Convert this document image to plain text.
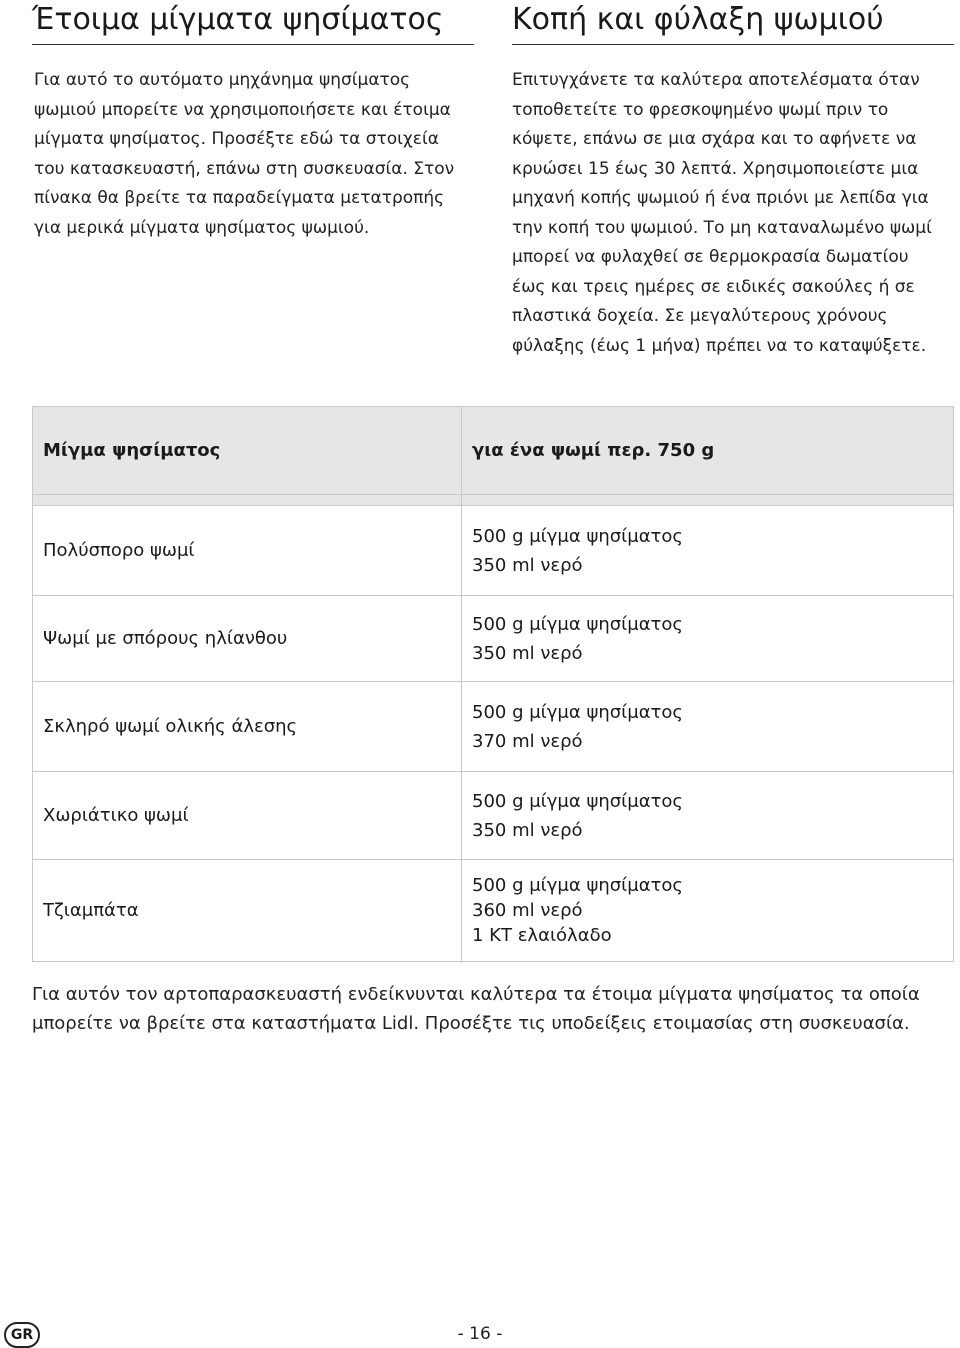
Έτοιμα μίγματα ψησίματος	Κοπή και φύλαξη ψωμιού

Για αυτό το αυτόματο μηχάνημα ψησίματος ψωμιού μπορείτε να χρησιμοποιήσετε και έτοιμα μίγματα ψησίματος. Προσέξτε εδώ τα στοιχεία του κατασκευαστή, επάνω στη συσκευασία. Στον πίνακα θα βρείτε τα παραδείγματα μετατροπής για μερικά μίγματα ψησίματος ψωμιού.

Επιτυγχάνετε τα καλύτερα αποτελέσματα όταν τοποθετείτε το φρεσκοψημένο ψωμί πριν το κόψετε, επάνω σε μια σχάρα και το αφήνετε να κρυώσει 15 έως 30 λεπτά. Χρησιμοποιείστε μια μηχανή κοπής ψωμιού ή ένα πριόνι με λεπίδα για την κοπή του ψωμιού. Το μη καταναλωμένο ψωμί μπορεί να φυλαχθεί σε θερμοκρασία δωματίου έως και τρεις ημέρες σε ειδικές σακούλες ή σε πλαστικά δοχεία. Σε μεγαλύτερους χρόνους φύλαξης (έως 1 μήνα) πρέπει να το καταψύξετε.

Μίγμα ψησίματος	για ένα ψωμί περ. 750 g

Πολύσπορο ψωμί	500 g μίγμα ψησίματος
350 ml νερό

Ψωμί με σπόρους ηλίανθου	500 g μίγμα ψησίματος
350 ml νερό

Σκληρό ψωμί ολικής άλεσης	500 g μίγμα ψησίματος
370 ml νερό

Χωριάτικο ψωμί	500 g μίγμα ψησίματος
350 ml νερό

Τζιαμπάτα	500 g μίγμα ψησίματος
360 ml νερό
1 ΚΤ ελαιόλαδο
Για αυτόν τον αρτοπαρασκευαστή ενδείκνυνται καλύτερα τα έτοιμα μίγματα ψησίματος τα οποία μπορείτε να βρείτε στα καταστήματα Lidl. Προσέξτε τις υποδείξεις ετοιμασίας στη συσκευασία.
GR	- 16 -
